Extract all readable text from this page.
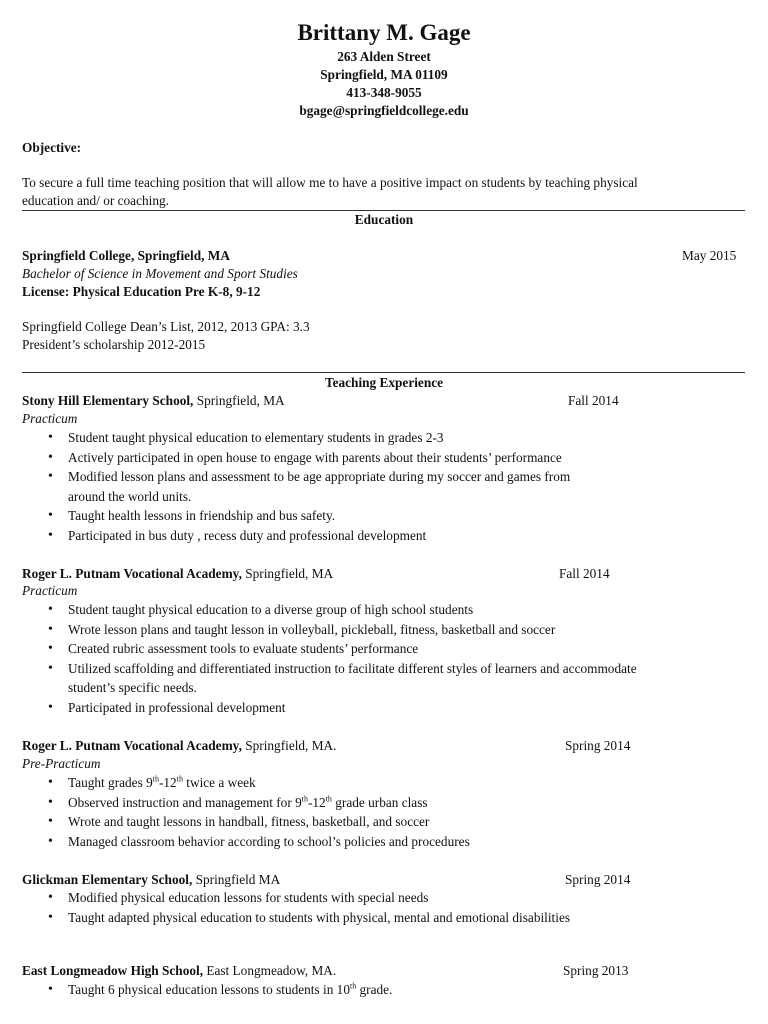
Brittany M. Gage
263 Alden Street
Springfield, MA 01109
413-348-9055
bgage@springfieldcollege.edu
Objective:
To secure a full time teaching position that will allow me to have a positive impact on students by teaching physical
education and/ or coaching.
Education
Springfield College, Springfield, MA	May 2015
Bachelor of Science in Movement and Sport Studies
License: Physical Education Pre K-8, 9-12
Springfield College Dean’s List, 2012, 2013 GPA: 3.3
President’s scholarship 2012-2015
Teaching Experience
Stony Hill Elementary School, Springfield, MA	Fall 2014
Practicum
• Student taught physical education to elementary students in grades 2-3
• Actively participated in open house to engage with parents about their students’ performance
• Modified lesson plans and assessment to be age appropriate during my soccer and games from
around the world units.
• Taught health lessons in friendship and bus safety.
• Participated in bus duty , recess duty and professional development
Roger L. Putnam Vocational Academy, Springfield, MA	Fall 2014
Practicum
• Student taught physical education to a diverse group of high school students
• Wrote lesson plans and taught lesson in volleyball, pickleball, fitness, basketball and soccer
• Created rubric assessment tools to evaluate students’ performance
• Utilized scaffolding and differentiated instruction to facilitate different styles of learners and accommodate
student’s specific needs.
• Participated in professional development
Roger L. Putnam Vocational Academy, Springfield, MA.	Spring 2014
Pre-Practicum
• Taught grades 9th-12th twice a week
• Observed instruction and management for 9th-12th grade urban class
• Wrote and taught lessons in handball, fitness, basketball, and soccer
• Managed classroom behavior according to school’s policies and procedures
Glickman Elementary School, Springfield MA	Spring 2014
• Modified physical education lessons for students with special needs
• Taught adapted physical education to students with physical, mental and emotional disabilities
East Longmeadow High School, East Longmeadow, MA.	Spring 2013
• Taught 6 physical education lessons to students in 10th grade.
